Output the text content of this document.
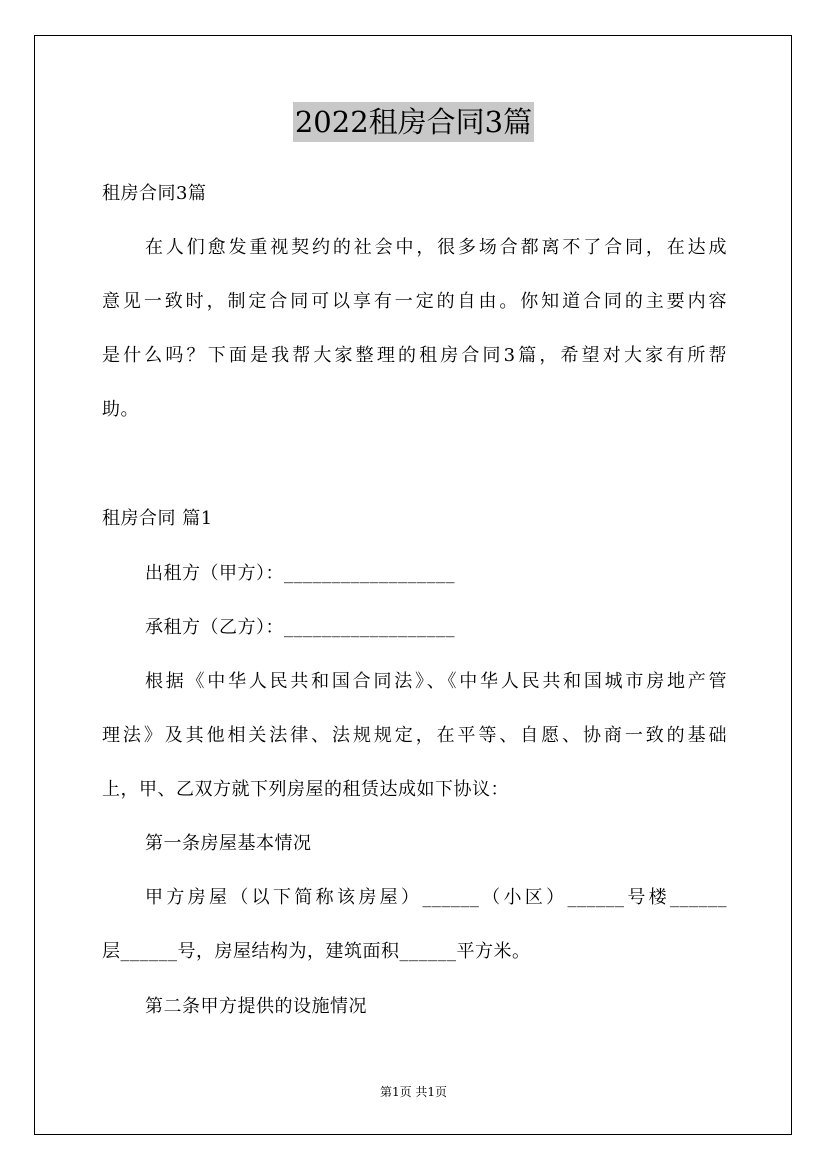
2022租房合同3篇
租房合同3篇
在人们愈发重视契约的社会中，很多场合都离不了合同，在达成
意见一致时，制定合同可以享有一定的自由。你知道合同的主要内容
是什么吗？下面是我帮大家整理的租房合同3篇，希望对大家有所帮
助。
租房合同 篇1
出租方（甲方）：__________________
承租方（乙方）：__________________
根据《中华人民共和国合同法》、《中华人民共和国城市房地产管
理法》及其他相关法律、法规规定，在平等、自愿、协商一致的基础
上，甲、乙双方就下列房屋的租赁达成如下协议：
第一条房屋基本情况
甲方房屋（以下简称该房屋）______（小区）______号楼______
层______号，房屋结构为，建筑面积______平方米。
第二条甲方提供的设施情况
第1页 共1页
